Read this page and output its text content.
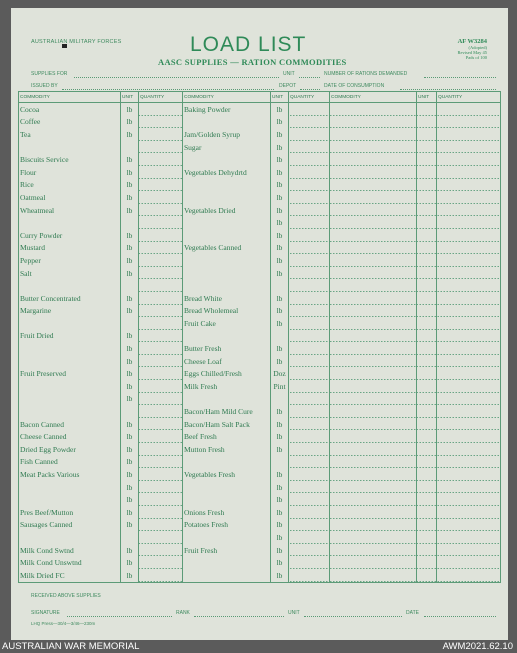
AUSTRALIAN MILITARY FORCES	LOAD LIST
AASC SUPPLIES — RATION COMMODITIES
AF W3284
(Adopted)
Revised May 45
Pads of 100
SUPPLIES FOR	UNIT	NUMBER OF RATIONS DEMANDED
ISSUED BY	DEPOT	DATE OF CONSUMPTION
COMMODITY	UNIT	QUANTITY	COMMODITY	UNIT	QUANTITY	COMMODITY	UNIT	QUANTITY
Cocoa	lb		Baking Powder	lb				
Coffee	lb			lb				
Tea	lb		Jam/Golden Syrup	lb				
			Sugar	lb				
Biscuits Service	lb			lb				
Flour	lb		Vegetables Dehydrtd	lb				
Rice	lb			lb				
Oatmeal	lb			lb				
Wheatmeal	lb		Vegetables Dried	lb				
				lb				
Curry Powder	lb			lb				
Mustard	lb		Vegetables Canned	lb				
Pepper	lb			lb				
Salt	lb			lb				

Butter Concentrated	lb		Bread White	lb				
Margarine	lb		Bread Wholemeal	lb				
			Fruit Cake	lb				
Fruit Dried	lb							
	lb		Butter Fresh	lb				
	lb		Cheese Loaf	lb				
Fruit Preserved	lb		Eggs Chilled/Fresh	Doz				
	lb		Milk Fresh	Pint				
	lb							
			Bacon/Ham Mild Cure	lb				
Bacon Canned	lb		Bacon/Ham Salt Pack	lb				
Cheese Canned	lb		Beef Fresh	lb				
Dried Egg Powder	lb		Mutton Fresh	lb				
Fish Canned	lb							
Meat Packs Various	lb		Vegetables Fresh	lb				
	lb			lb				
	lb			lb				
Pres Beef/Mutton	lb		Onions Fresh	lb				
Sausages Canned	lb		Potatoes Fresh	lb				
				lb				
Milk Cond Swtnd	lb		Fruit Fresh	lb				
Milk Cond Unswtnd	lb			lb				
Milk Dried FC	lb			lb				
RECEIVED ABOVE SUPPLIES
SIGNATURE	RANK	UNIT	DATE
LHQ Press—30/4—3/46—230m
AUSTRALIAN WAR MEMORIAL	AWM2021.62.10
